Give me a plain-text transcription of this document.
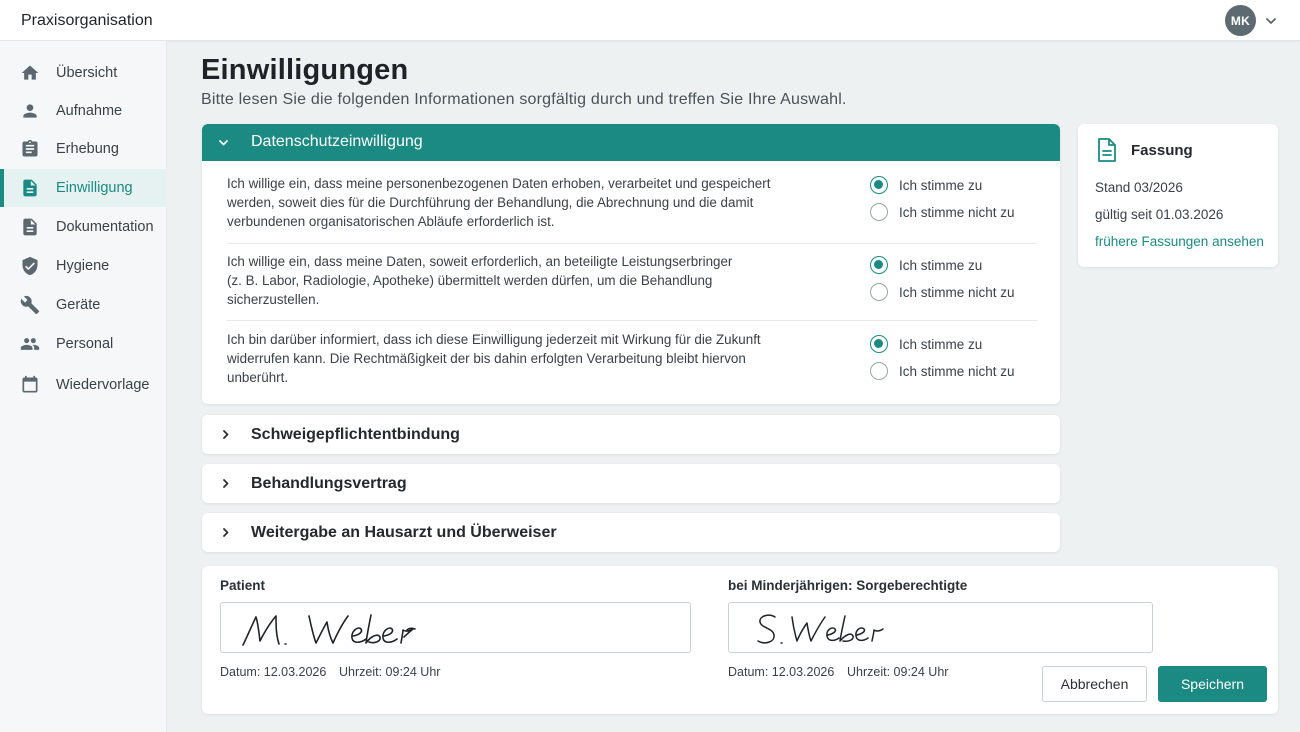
Praxisorganisation	MK
Übersicht
Aufnahme
Erhebung
Einwilligung
Dokumentation
Hygiene
Geräte
Personal
Wiedervorlage
Einwilligungen
Bitte lesen Sie die folgenden Informationen sorgfältig durch und treffen Sie Ihre Auswahl.
Datenschutzeinwilligung
Ich willige ein, dass meine personenbezogenen Daten erhoben, verarbeitet und gespeichert
werden, soweit dies für die Durchführung der Behandlung, die Abrechnung und die damit
verbundenen organisatorischen Abläufe erforderlich ist.
Ich stimme zu
Ich stimme nicht zu
Ich willige ein, dass meine Daten, soweit erforderlich, an beteiligte Leistungserbringer
(z. B. Labor, Radiologie, Apotheke) übermittelt werden dürfen, um die Behandlung
sicherzustellen.
Ich stimme zu
Ich stimme nicht zu
Ich bin darüber informiert, dass ich diese Einwilligung jederzeit mit Wirkung für die Zukunft
widerrufen kann. Die Rechtmäßigkeit der bis dahin erfolgten Verarbeitung bleibt hiervon
unberührt.
Ich stimme zu
Ich stimme nicht zu
Schweigepflichtentbindung
Behandlungsvertrag
Weitergabe an Hausarzt und Überweiser
Fassung
Stand 03/2026
gültig seit 01.03.2026
frühere Fassungen ansehen
Patient
Datum: 12.03.2026 Uhrzeit: 09:24 Uhr
bei Minderjährigen: Sorgeberechtigte
Datum: 12.03.2026 Uhrzeit: 09:24 Uhr
Abbrechen	Speichern
